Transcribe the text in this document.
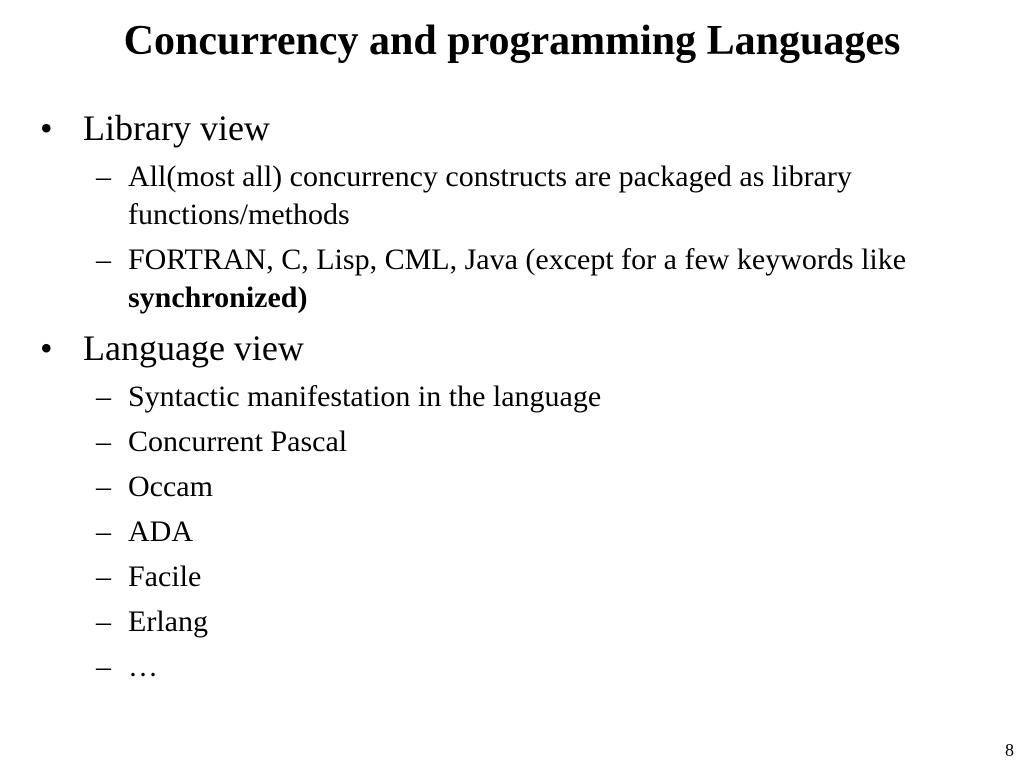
Concurrency and programming Languages
• Library view
– All(most all) concurrency constructs are packaged as library functions/methods
– FORTRAN, C, Lisp, CML, Java (except for a few keywords like synchronized)
• Language view
– Syntactic manifestation in the language
– Concurrent Pascal
– Occam
– ADA
– Facile
– Erlang
– …
8
